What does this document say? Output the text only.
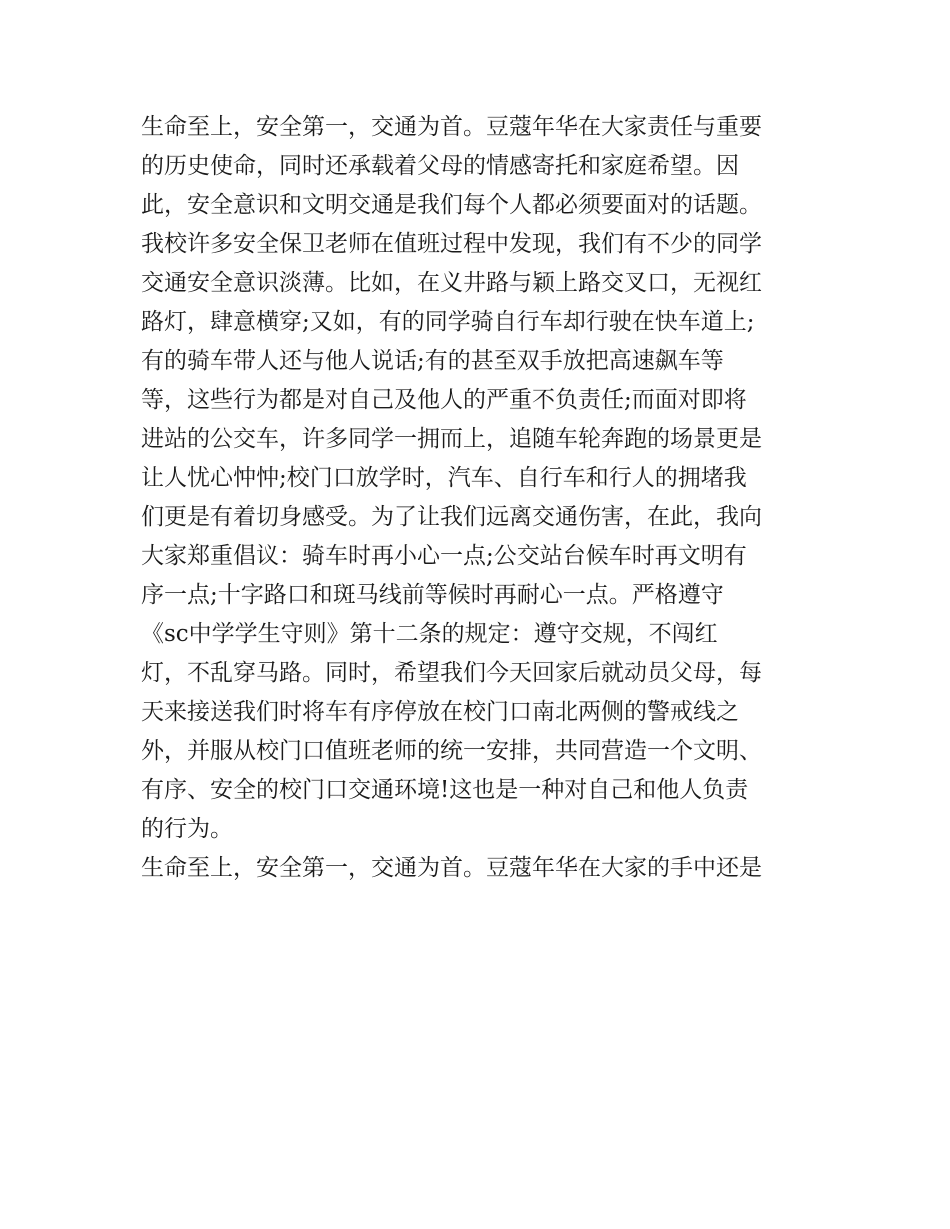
生命至上，安全第一，交通为首。豆蔻年华在大家责任与重要
的历史使命，同时还承载着父母的情感寄托和家庭希望。因
此，安全意识和文明交通是我们每个人都必须要面对的话题。
我校许多安全保卫老师在值班过程中发现，我们有不少的同学
交通安全意识淡薄。比如，在义井路与颖上路交叉口，无视红
路灯，肆意横穿;又如，有的同学骑自行车却行驶在快车道上;
有的骑车带人还与他人说话;有的甚至双手放把高速飙车等
等，这些行为都是对自己及他人的严重不负责任;而面对即将
进站的公交车，许多同学一拥而上，追随车轮奔跑的场景更是
让人忧心忡忡;校门口放学时，汽车、自行车和行人的拥堵我
们更是有着切身感受。为了让我们远离交通伤害，在此，我向
大家郑重倡议：骑车时再小心一点;公交站台候车时再文明有
序一点;十字路口和斑马线前等候时再耐心一点。严格遵守
《sc中学学生守则》第十二条的规定：遵守交规，不闯红
灯，不乱穿马路。同时，希望我们今天回家后就动员父母，每
天来接送我们时将车有序停放在校门口南北两侧的警戒线之
外，并服从校门口值班老师的统一安排，共同营造一个文明、
有序、安全的校门口交通环境!这也是一种对自己和他人负责
的行为。
生命至上，安全第一，交通为首。豆蔻年华在大家的手中还是
